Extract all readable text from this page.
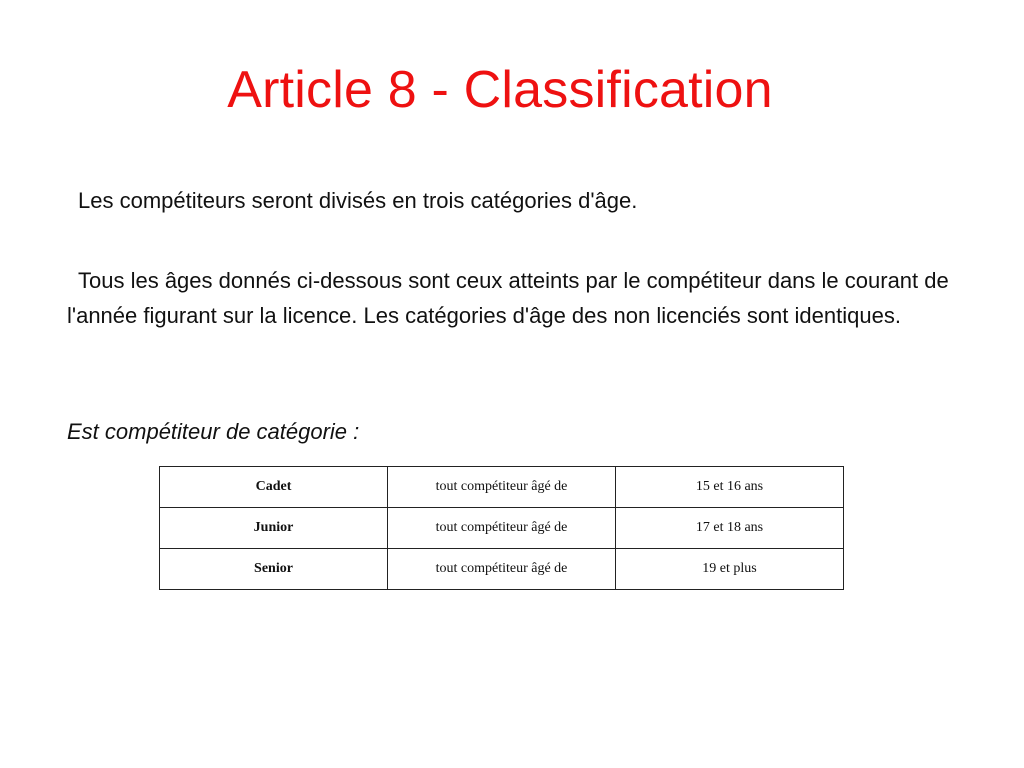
Article 8 - Classification
Les compétiteurs seront divisés en trois catégories d'âge.
Tous les âges donnés ci-dessous sont ceux atteints par le compétiteur dans le courant de l'année figurant sur la licence. Les catégories d'âge des non licenciés sont identiques.
Est compétiteur de catégorie :
Cadet	tout compétiteur âgé de	15 et 16 ans
Junior	tout compétiteur âgé de	17 et 18 ans
Senior	tout compétiteur âgé de	19 et plus
